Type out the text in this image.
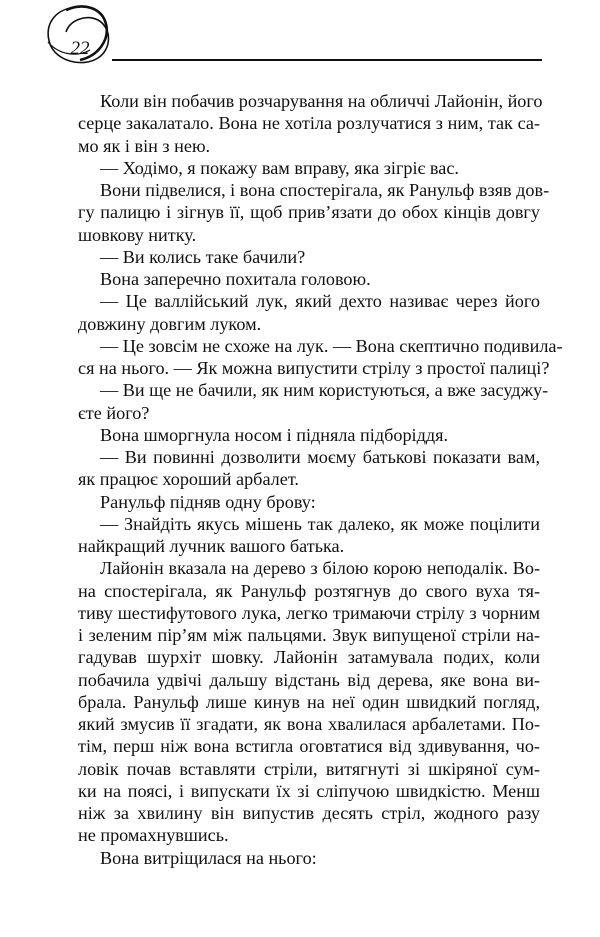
22
Коли він побачив розчарування на обличчі Лайонін, його
серце закалатало. Вона не хотіла розлучатися з ним, так са-
мо як і він з нею.
— Ходімо, я покажу вам вправу, яка зігріє вас.
Вони підвелися, і вона спостерігала, як Ранульф взяв дов-
гу палицю і зігнув її, щоб прив’язати до обох кінців довгу
шовкову нитку.
— Ви колись таке бачили?
Вона заперечно похитала головою.
— Це валлійський лук, який дехто називає через його
довжину довгим луком.
— Це зовсім не схоже на лук. — Вона скептично подивила-
ся на нього. — Як можна випустити стрілу з простої палиці?
— Ви ще не бачили, як ним користуються, а вже засуджу-
єте його?
Вона шморгнула носом і підняла підборіддя.
— Ви повинні дозволити моєму батькові показати вам,
як працює хороший арбалет.
Ранульф підняв одну брову:
— Знайдіть якусь мішень так далеко, як може поцілити
найкращий лучник вашого батька.
Лайонін вказала на дерево з білою корою неподалік. Во-
на спостерігала, як Ранульф розтягнув до свого вуха тя-
тиву шестифутового лука, легко тримаючи стрілу з чорним
і зеленим пір’ям між пальцями. Звук випущеної стріли на-
гадував шурхіт шовку. Лайонін затамувала подих, коли
побачила удвічі дальшу відстань від дерева, яке вона ви-
брала. Ранульф лише кинув на неї один швидкий погляд,
який змусив її згадати, як вона хвалилася арбалетами. Пo-
тім, перш ніж вона встигла оговтатися від здивування, чо-
ловік почав вставляти стріли, витягнуті зі шкіряної сум-
ки на поясі, і випускати їх зі сліпучою швидкістю. Менш
ніж за хвилину він випустив десять стріл, жодного разу
не промахнувшись.
Вона витріщилася на нього:
